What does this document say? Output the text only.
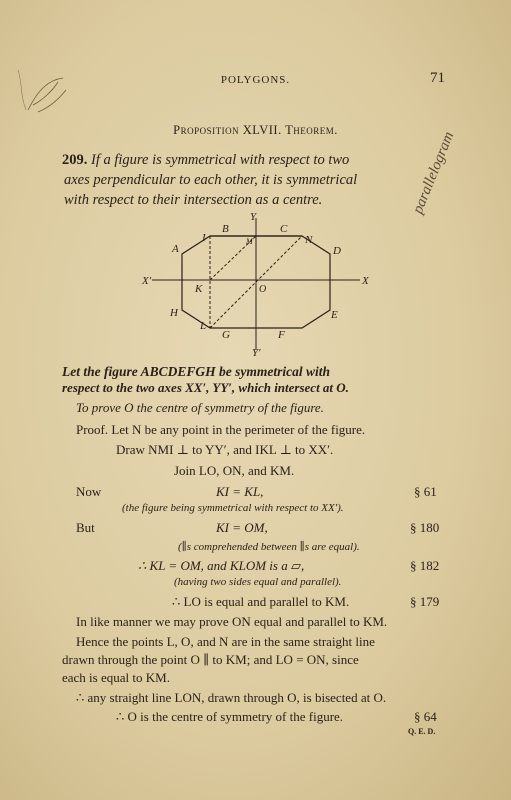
POLYGONS.	71
Proposition XLVII. Theorem.
209. If a figure is symmetrical with respect to two
axes perpendicular to each other, it is symmetrical
with respect to their intersection as a centre.
Y
Y′
X
X′
A
B	C
D
E
F
G
H
I	N
M
K	O
L
Let the figure ABCDEFGH be symmetrical with
respect to the two axes XX′, YY′, which intersect at O.
To prove O the centre of symmetry of the figure.
Proof. Let N be any point in the perimeter of the figure.
Draw NMI ⊥ to YY′, and IKL ⊥ to XX′.
Join LO, ON, and KM.
Now	KI = KL,	§ 61
(the figure being symmetrical with respect to XX′).
But	KI = OM,	§ 180
(∥s comprehended between ∥s are equal).
∴ KL = OM, and KLOM is a ▱,	§ 182
(having two sides equal and parallel).
∴ LO is equal and parallel to KM.	§ 179
In like manner we may prove ON equal and parallel to KM.
Hence the points L, O, and N are in the same straight line
drawn through the point O ∥ to KM; and LO = ON, since
each is equal to KM.
∴ any straight line LON, drawn through O, is bisected at O.
∴ O is the centre of symmetry of the figure.	§ 64
Q. E. D.
parallelogram
